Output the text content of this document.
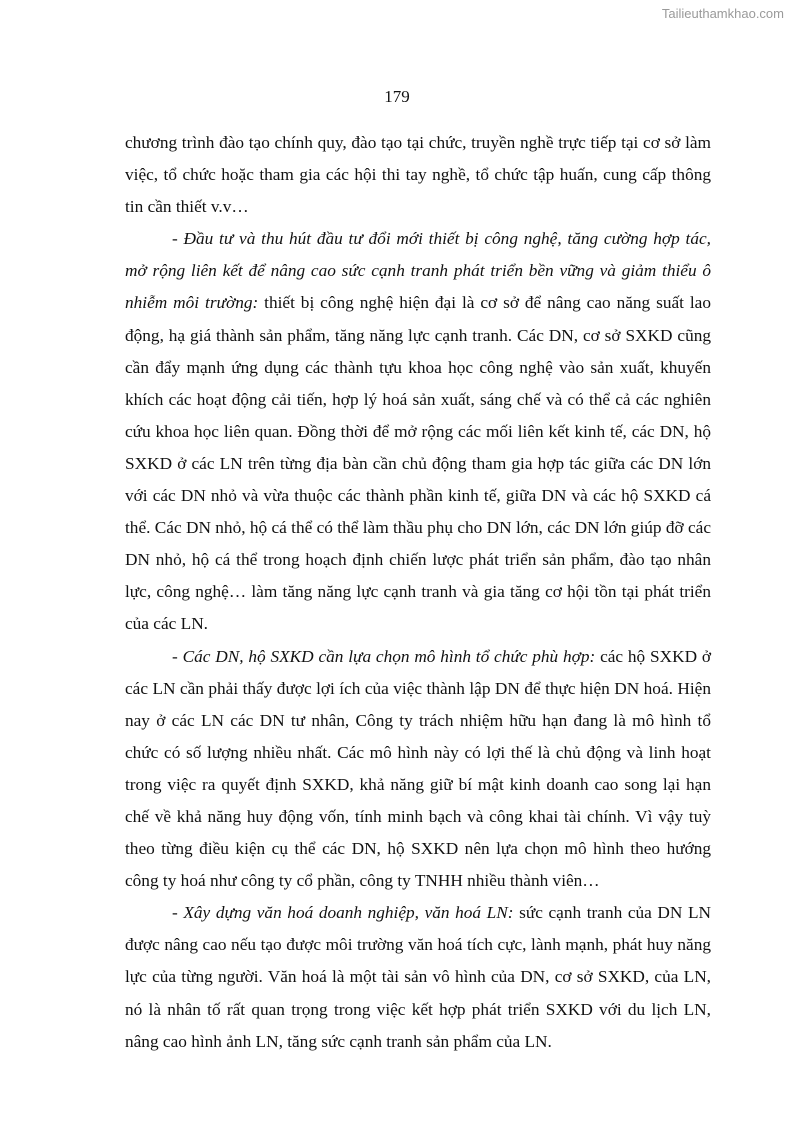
Tailieuthamkhao.com
179

chương trình đào tạo chính quy, đào tạo tại chức, truyền nghề trực tiếp tại cơ sở làm việc, tổ chức hoặc tham gia các hội thi tay nghề, tổ chức tập huấn, cung cấp thông tin cần thiết v.v…

- Đầu tư và thu hút đầu tư đổi mới thiết bị công nghệ, tăng cường hợp tác, mở rộng liên kết để nâng cao sức cạnh tranh phát triển bền vững và giảm thiểu ô nhiễm môi trường: thiết bị công nghệ hiện đại là cơ sở để nâng cao năng suất lao động, hạ giá thành sản phẩm, tăng năng lực cạnh tranh. Các DN, cơ sở SXKD cũng cần đẩy mạnh ứng dụng các thành tựu khoa học công nghệ vào sản xuất, khuyến khích các hoạt động cải tiến, hợp lý hoá sản xuất, sáng chế và có thể cả các nghiên cứu khoa học liên quan. Đồng thời để mở rộng các mối liên kết kinh tế, các DN, hộ SXKD ở các LN trên từng địa bàn cần chủ động tham gia hợp tác giữa các DN lớn với các DN nhỏ và vừa thuộc các thành phần kinh tế, giữa DN và các hộ SXKD cá thể. Các DN nhỏ, hộ cá thể có thể làm thầu phụ cho DN lớn, các DN lớn giúp đỡ các DN nhỏ, hộ cá thể trong hoạch định chiến lược phát triển sản phẩm, đào tạo nhân lực, công nghệ… làm tăng năng lực cạnh tranh và gia tăng cơ hội tồn tại phát triển của các LN.

- Các DN, hộ SXKD cần lựa chọn mô hình tổ chức phù hợp: các hộ SXKD ở các LN cần phải thấy được lợi ích của việc thành lập DN để thực hiện DN hoá. Hiện nay ở các LN các DN tư nhân, Công ty trách nhiệm hữu hạn đang là mô hình tổ chức có số lượng nhiều nhất. Các mô hình này có lợi thế là chủ động và linh hoạt trong việc ra quyết định SXKD, khả năng giữ bí mật kinh doanh cao song lại hạn chế về khả năng huy động vốn, tính minh bạch và công khai tài chính. Vì vậy tuỳ theo từng điều kiện cụ thể các DN, hộ SXKD nên lựa chọn mô hình theo hướng công ty hoá như công ty cổ phần, công ty TNHH nhiều thành viên…

- Xây dựng văn hoá doanh nghiệp, văn hoá LN: sức cạnh tranh của DN LN được nâng cao nếu tạo được môi trường văn hoá tích cực, lành mạnh, phát huy năng lực của từng người. Văn hoá là một tài sản vô hình của DN, cơ sở SXKD, của LN, nó là nhân tố rất quan trọng trong việc kết hợp phát triển SXKD với du lịch LN, nâng cao hình ảnh LN, tăng sức cạnh tranh sản phẩm của LN.
